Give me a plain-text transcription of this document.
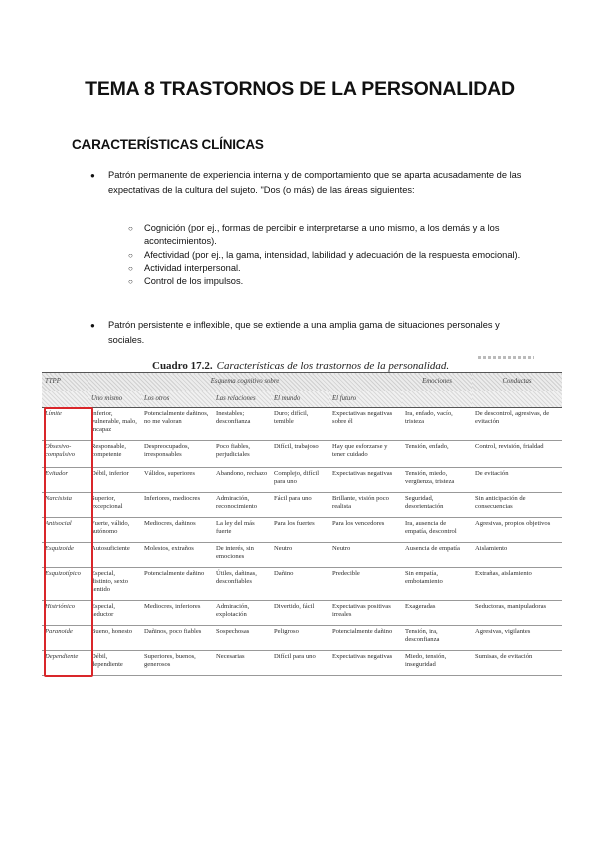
TEMA 8 TRASTORNOS DE LA PERSONALIDAD
CARACTERÍSTICAS CLÍNICAS
● Patrón permanente de experiencia interna y de comportamiento que se aparta acusadamente de las expectativas de la cultura del sujeto. "Dos (o más) de las áreas siguientes:
○ Cognición (por ej., formas de percibir e interpretarse a uno mismo, a los demás y a los acontecimientos).
○ Afectividad (por ej., la gama, intensidad, labilidad y adecuación de la respuesta emocional).
○ Actividad interpersonal.
○ Control de los impulsos.
● Patrón persistente e inflexible, que se extiende a una amplia gama de situaciones personales y sociales.
Cuadro 17.2. Características de los trastornos de la personalidad.
TTPP	Esquema cognitivo sobre					Emociones	Conductas
	Uno mismo	Los otros	Las relaciones	El mundo	El futuro		
Límite	Inferior, vulnerable, malo, incapaz	Potencialmente dañinos, no me valoran	Inestables; desconfianza	Duro; difícil, temible	Expectativas negativas sobre él	Ira, enfado, vacío, tristeza	De descontrol, agresivas, de evitación
Obsesivo-compulsivo	Responsable, competente	Despreocupados, irresponsables	Poco fiables, perjudiciales	Difícil, trabajoso	Hay que esforzarse y tener cuidado	Tensión, enfado,	Control, revisión, frialdad
Evitador	Débil, inferior	Válidos, superiores	Abandono, rechazo	Complejo, difícil para uno	Expectativas negativas	Tensión, miedo, vergüenza, tristeza	De evitación
Narcisista	Superior, excepcional	Inferiores, mediocres	Admiración, reconocimiento	Fácil para uno	Brillante, visión poco realista	Seguridad, desorientación	Sin anticipación de consecuencias
Antisocial	Fuerte, válido, autónomo	Mediocres, dañinos	La ley del más fuerte	Para los fuertes	Para los vencedores	Ira, ausencia de empatía, descontrol	Agresivas, propios objetivos
Esquizoide	Autosuficiente	Molestos, extraños	De interés, sin emociones	Neutro	Neutro	Ausencia de empatía	Aislamiento
Esquizotípico	Especial, distinto, sexto sentido	Potencialmente dañino	Útiles, dañinas, desconfiables	Dañino	Predecible	Sin empatía, embotamiento	Extrañas, aislamiento
Histriónico	Especial, seductor	Mediocres, inferiores	Admiración, explotación	Divertido, fácil	Expectativas positivas irreales	Exageradas	Seductoras, manipuladoras
Paranoide	Bueno, honesto	Dañinos, poco fiables	Sospechosas	Peligroso	Potencialmente dañino	Tensión, ira, desconfianza	Agresivas, vigilantes
Dependiente	Débil, dependiente	Superiores, buenos, generosos	Necesarias	Difícil para uno	Expectativas negativas	Miedo, tensión, inseguridad	Sumisas, de evitación
